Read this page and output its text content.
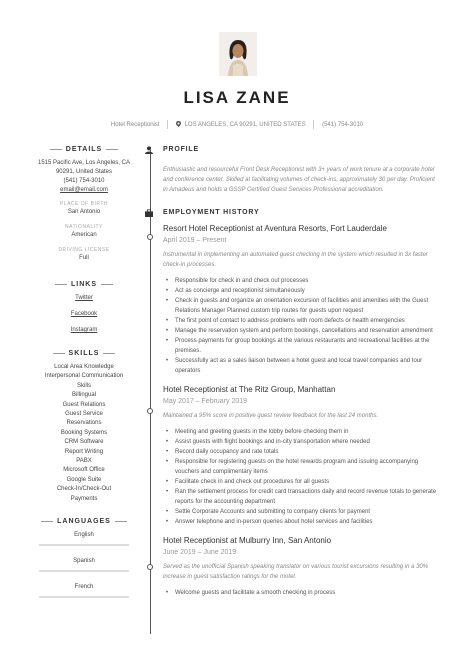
LISA ZANE
Hotel Receptionist	LOS ANGELES, CA 90291, UNITED STATES	(541) 754-3010
DETAILS
1515 Pacific Ave, Los Angeles, CA
90291, United States
(541) 754-3010
email@email.com
PLACE OF BIRTH
San Antonio
NATIONALITY
American
DRIVING LICENSE
Full
LINKS
Twitter
Facebook
Instagram
SKILLS
Local Area Knowledge
Interpersonal Communication
Skills
Billingual
Guest Relations
Guest Service
Reservations
Booking Systems
CRM Software
Report Writing
PABX
Microsoft Office
Google Suite
Check-In/Check-Out
Payments
LANGUAGES
English
Spanish
French
PROFILE
Enthusiastic and resourceful Front Desk Receptionist with 3+ years of work tenure at a corporate hotel and conference center. Skilled at facilitating volumes of check-ins, approximately 30 per day. Proficient in Amadeus and holds a GSSP Certified Guest Services Professional accreditation.
EMPLOYMENT HISTORY
Resort Hotel Receptionist at Aventura Resorts, Fort Lauderdale
April 2019 – Present
Instrumental in implementing an automated guest checking in the system which resulted in 3x faster check-in processes.
• Responsible for check in and check out processes
• Act as concierge and receptionist simultaneously
• Check in guests and organize an orientation excursion of facilities and amenities with the Guest Relations Manager Planned custom trip routes for guests upon request
• The first point of contact to address problems with room defects or health emergencies
• Manage the reservation system and perform bookings, cancellations and reservation amendment
• Process payments for group bookings at the various restaurants and recreational facilities at the premises.
• Successfully act as a sales liaison between a hotel guest and local travel companies and tour operators
Hotel Receptionist at The Ritz Group, Manhattan
May 2017 – February 2019
Maintained a 95% score in positive guest review feedback for the last 24 months.
• Meeting and greeting guests in the lobby before checking them in
• Assist guests with flight bookings and in-city transportation where needed
• Record daily occupancy and rate totals
• Responsible for registering guests on the hotel rewards program and issuing accompanying vouchers and complimentary items
• Facilitate check in and check out procedures for all guests
• Ran the settlement process for credit card transactions daily and record revenue totals to generate reports for the accounting department
• Settle Corporate Accounts and submitting to company clients for payment
• Answer telephone and in-person queries about hotel services and facilities
Hotel Receptionist at Mulburry Inn, San Antonio
June 2019 – June 2019
Served as the unofficial Spanish speaking translator on various tourist excursions resulting in a 30% increase in guest satisfaction ratings for the motel.
• Welcome guests and facilitate a smooth checking in process
